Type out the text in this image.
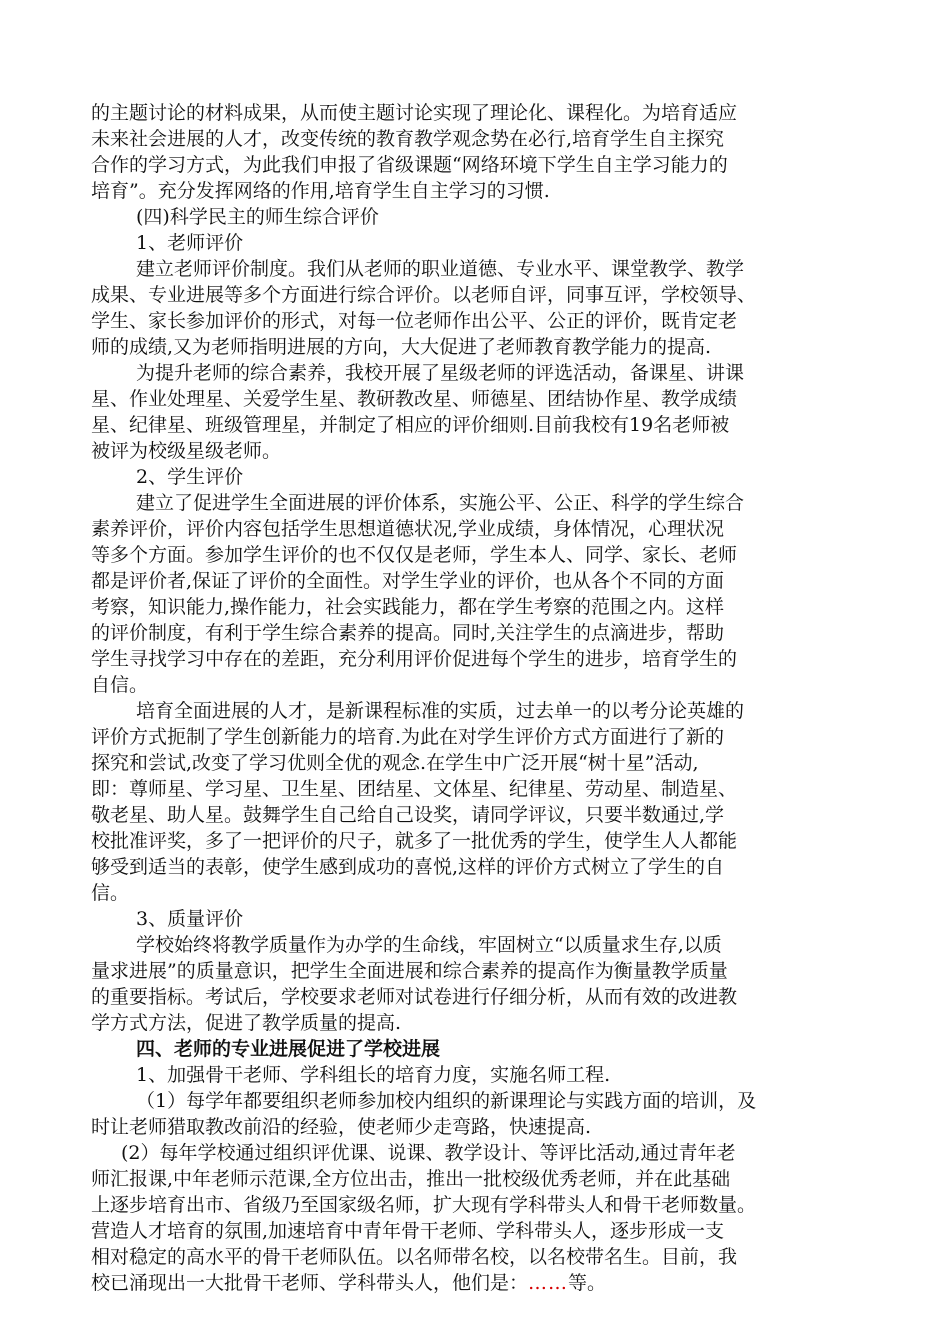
的主题讨论的材料成果，从而使主题讨论实现了理论化、课程化。为培育适应
未来社会进展的人才，改变传统的教育教学观念势在必行,培育学生自主探究
合作的学习方式，为此我们申报了省级课题“网络环境下学生自主学习能力的
培育”。充分发挥网络的作用,培育学生自主学习的习惯.
(四)科学民主的师生综合评价
1、老师评价
建立老师评价制度。我们从老师的职业道德、专业水平、课堂教学、教学
成果、专业进展等多个方面进行综合评价。以老师自评，同事互评，学校领导、
学生、家长参加评价的形式，对每一位老师作出公平、公正的评价，既肯定老
师的成绩,又为老师指明进展的方向，大大促进了老师教育教学能力的提高.
为提升老师的综合素养，我校开展了星级老师的评选活动，备课星、讲课
星、作业处理星、关爱学生星、教研教改星、师德星、团结协作星、教学成绩
星、纪律星、班级管理星，并制定了相应的评价细则.目前我校有19名老师被
被评为校级星级老师。
2、学生评价
建立了促进学生全面进展的评价体系，实施公平、公正、科学的学生综合
素养评价，评价内容包括学生思想道德状况,学业成绩，身体情况，心理状况
等多个方面。参加学生评价的也不仅仅是老师，学生本人、同学、家长、老师
都是评价者,保证了评价的全面性。对学生学业的评价，也从各个不同的方面
考察，知识能力,操作能力，社会实践能力，都在学生考察的范围之内。这样
的评价制度，有利于学生综合素养的提高。同时,关注学生的点滴进步，帮助
学生寻找学习中存在的差距，充分利用评价促进每个学生的进步，培育学生的
自信。
培育全面进展的人才，是新课程标准的实质，过去单一的以考分论英雄的
评价方式扼制了学生创新能力的培育.为此在对学生评价方式方面进行了新的
探究和尝试,改变了学习优则全优的观念.在学生中广泛开展“树十星”活动,
即：尊师星、学习星、卫生星、团结星、文体星、纪律星、劳动星、制造星、
敬老星、助人星。鼓舞学生自己给自己设奖，请同学评议，只要半数通过,学
校批准评奖，多了一把评价的尺子，就多了一批优秀的学生，使学生人人都能
够受到适当的表彰，使学生感到成功的喜悦,这样的评价方式树立了学生的自
信。
3、质量评价
学校始终将教学质量作为办学的生命线，牢固树立“以质量求生存,以质
量求进展”的质量意识，把学生全面进展和综合素养的提高作为衡量教学质量
的重要指标。考试后，学校要求老师对试卷进行仔细分析，从而有效的改进教
学方式方法，促进了教学质量的提高.
四、老师的专业进展促进了学校进展
1、加强骨干老师、学科组长的培育力度，实施名师工程.
（1）每学年都要组织老师参加校内组织的新课理论与实践方面的培训，及
时让老师猎取教改前沿的经验，使老师少走弯路，快速提高.
(2）每年学校通过组织评优课、说课、教学设计、等评比活动,通过青年老
师汇报课,中年老师示范课,全方位出击，推出一批校级优秀老师，并在此基础
上逐步培育出市、省级乃至国家级名师，扩大现有学科带头人和骨干老师数量。
营造人才培育的氛围,加速培育中青年骨干老师、学科带头人，逐步形成一支
相对稳定的高水平的骨干老师队伍。以名师带名校，以名校带名生。目前，我
校已涌现出一大批骨干老师、学科带头人，他们是：……等。
